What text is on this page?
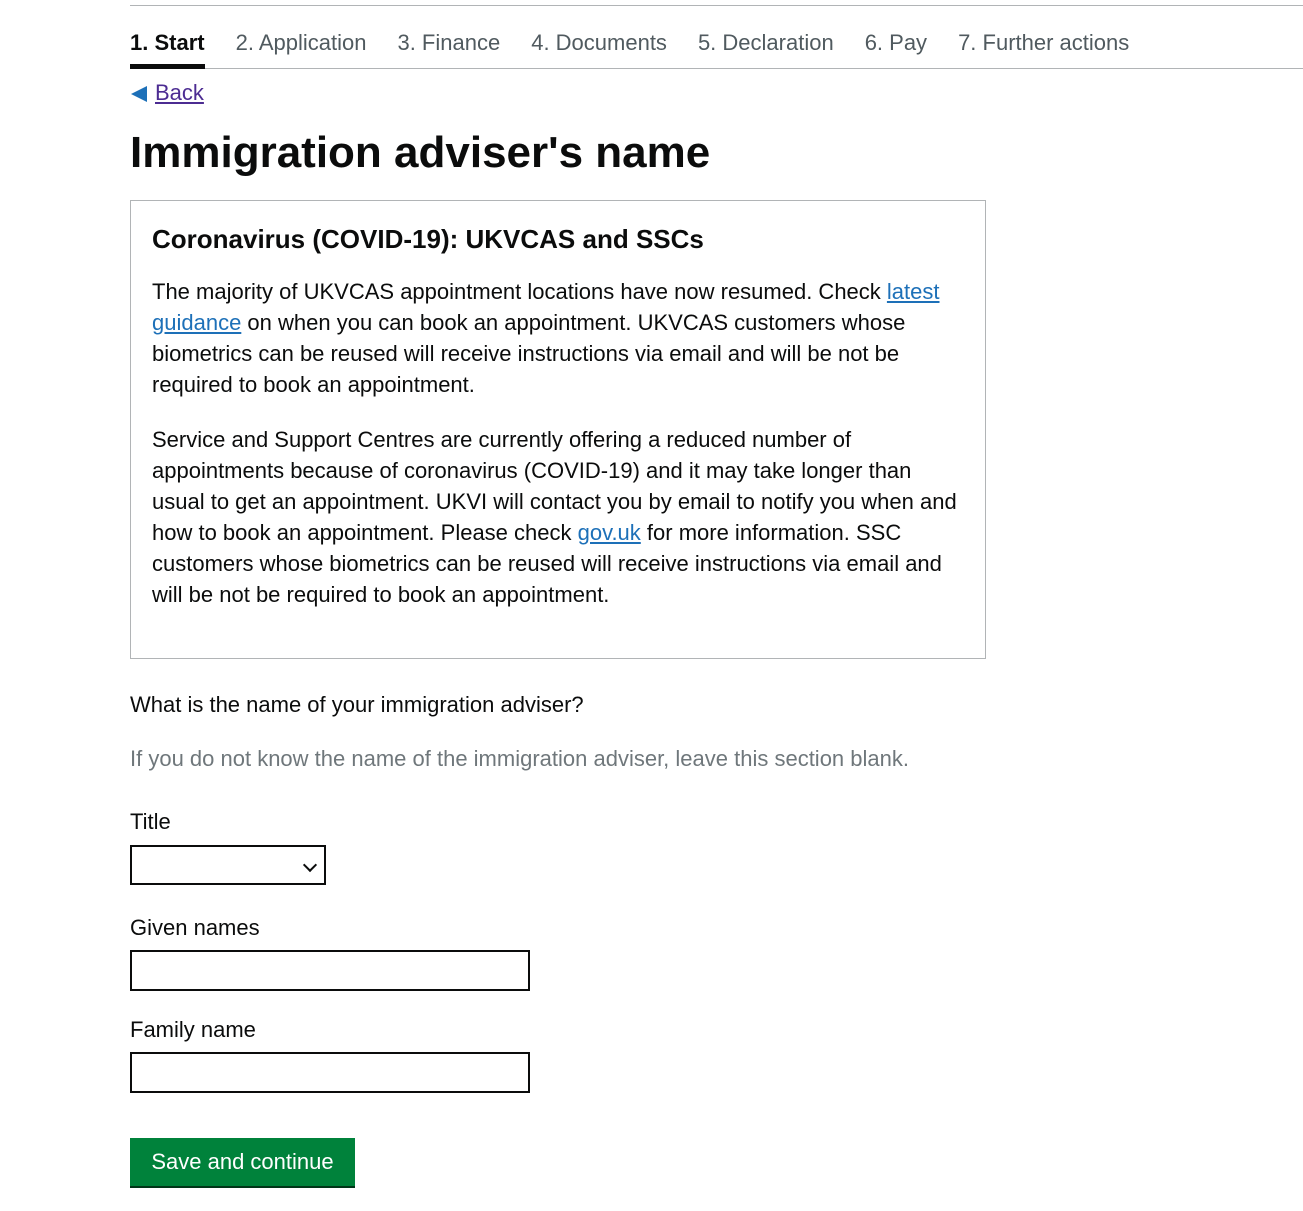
1. Start 2. Application 3. Finance 4. Documents 5. Declaration 6. Pay 7. Further actions
Back
Immigration adviser's name
Coronavirus (COVID-19): UKVCAS and SSCs

The majority of UKVCAS appointment locations have now resumed. Check latest guidance on when you can book an appointment. UKVCAS customers whose biometrics can be reused will receive instructions via email and will be not be required to book an appointment.

Service and Support Centres are currently offering a reduced number of appointments because of coronavirus (COVID-19) and it may take longer than usual to get an appointment. UKVI will contact you by email to notify you when and how to book an appointment. Please check gov.uk for more information. SSC customers whose biometrics can be reused will receive instructions via email and will be not be required to book an appointment.

What is the name of your immigration adviser?
If you do not know the name of the immigration adviser, leave this section blank.
Title
Given names
Family name
Save and continue
